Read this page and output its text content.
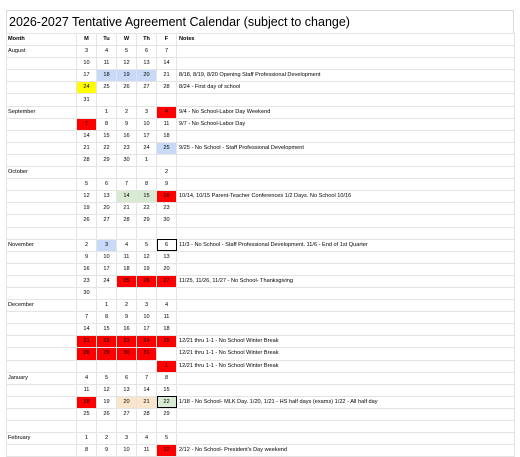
2026-2027 Tentative Agreement Calendar (subject to change)
Month	M	Tu	W	Th	F	Notes
August	3	4	5	6	7	
	10	11	12	13	14	
	17	18	19	20	21	8/18, 8/19, 8/20 Opening Staff Professional Development
	24	25	26	27	28	8/24 - First day of school
	31					
September		1	2	3	4	9/4 - No School-Labor Day Weekend
	7	8	9	10	11	9/7 - No School-Labor Day
	14	15	16	17	18	
	21	22	23	24	25	9/25 - No School - Staff Professional Development
	28	29	30	1		
October					2	
	5	6	7	8	9	
	12	13	14	15	16	10/14, 10/15 Parent-Teacher Conferences 1/2 Days. No School 10/16
	19	20	21	22	23	
	26	27	28	29	30	

November	2	3	4	5	6	11/3 - No School - Staff Professional Development. 11/6 - End of 1st Quarter
	9	10	11	12	13	
	16	17	18	19	20	
	23	24	25	26	27	11/25, 11/26, 11/27 - No School- Thanksgiving
	30					
December		1	2	3	4	
	7	8	9	10	11	
	14	15	16	17	18	
	21	22	23	24	25	12/21 thru 1-1 - No School Winter Break
	28	29	30	31		12/21 thru 1-1 - No School Winter Break
					1	12/21 thru 1-1 - No School Winter Break
January	4	5	6	7	8	
	11	12	13	14	15	
	18	19	20	21	22	1/18 - No School- MLK Day. 1/20, 1/21 - HS half days (exams) 1/22 - All half day
	25	26	27	28	29	

February	1	2	3	4	5	
	8	9	10	11	12	2/12 - No School- President's Day weekend
